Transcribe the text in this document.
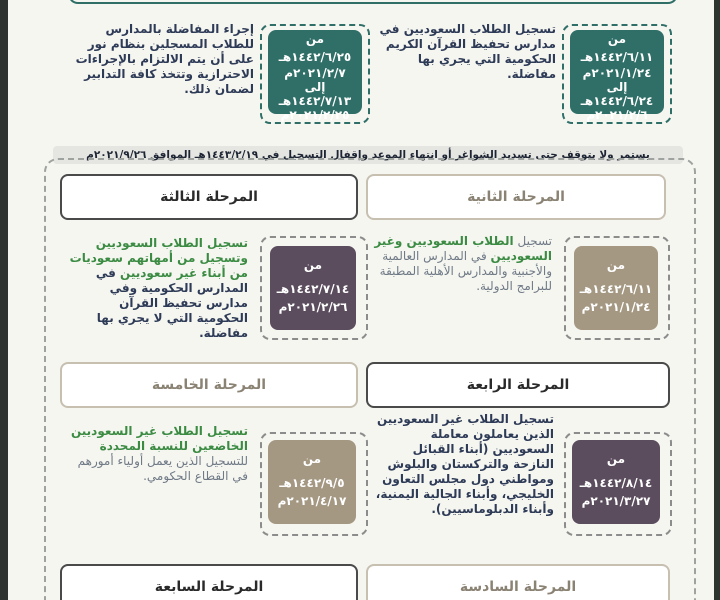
من
١٤٤٢/٦/١١هـ
٢٠٢١/١/٢٤م
إلى
١٤٤٢/٦/٢٤هـ
٢٠٢١/٢/٦م
تسجيل الطلاب السعوديين في مدارس تحفيظ القرآن الكريم الحكومية التي يجري بها مفاضلة.
من
١٤٤٢/٦/٢٥هـ
٢٠٢١/٢/٧م
إلى
١٤٤٢/٧/١٣هـ
٢٠٢١/٢/٢٥م
إجراء المفاضلة بالمدارس للطلاب المسجلين بنظام نور على أن يتم الالتزام بالإجراءات الاحترازية وتتخذ كافة التدابير لضمان ذلك.
يستمر ولا يتوقف حتى تسديد الشواغر أو انتهاء الموعد وإقفال التسجيل في ١٤٤٣/٢/١٩هـ الموافق ٢٠٢١/٩/٢٦م
المرحلة الثانية
المرحلة الثالثة
من
١٤٤٢/٦/١١هـ
٢٠٢١/١/٢٤م
تسجيل الطلاب السعوديين وغير السعوديين في المدارس العالمية والأجنبية والمدارس الأهلية المطبقة للبرامج الدولية.
من
١٤٤٢/٧/١٤هـ
٢٠٢١/٢/٢٦م
تسجيل الطلاب السعوديين وتسجيل من أمهاتهم سعوديات من أبناء غير سعوديين في المدارس الحكومية وفي مدارس تحفيظ القرآن الحكومية التي لا يجري بها مفاضلة.
المرحلة الرابعة
المرحلة الخامسة
من
١٤٤٢/٨/١٤هـ
٢٠٢١/٣/٢٧م
تسجيل الطلاب غير السعوديين الذين يعاملون معاملة السعوديين (أبناء القبائل النازحة والتركستان والبلوش ومواطني دول مجلس التعاون الخليجي، وأبناء الجالية اليمنية، وأبناء الدبلوماسيين).
من
١٤٤٢/٩/٥هـ
٢٠٢١/٤/١٧م
تسجيل الطلاب غير السعوديين الخاضعين للنسبة المحددة للتسجيل الذين يعمل أولياء أمورهم في القطاع الحكومي.
المرحلة السادسة
المرحلة السابعة
